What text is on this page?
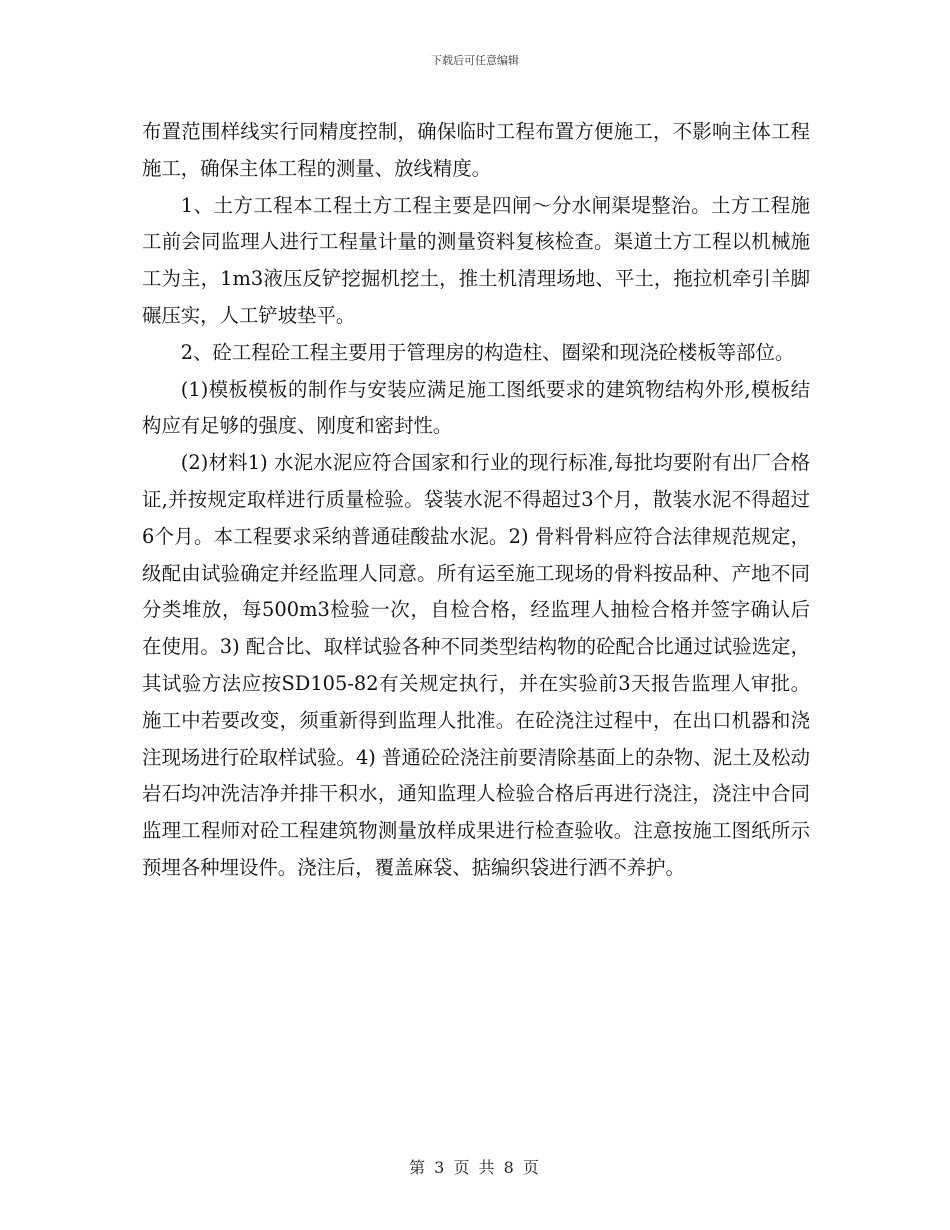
下载后可任意编辑

布置范围样线实行同精度控制，确保临时工程布置方便施工，不影响主体工程施工，确保主体工程的测量、放线精度。

1、土方工程本工程土方工程主要是四闸～分水闸渠堤整治。土方工程施工前会同监理人进行工程量计量的测量资料复核检查。渠道土方工程以机械施工为主，1m3液压反铲挖掘机挖土，推土机清理场地、平土，拖拉机牵引羊脚碾压实，人工铲坡垫平。

2、砼工程砼工程主要用于管理房的构造柱、圈梁和现浇砼楼板等部位。

(1)模板模板的制作与安装应满足施工图纸要求的建筑物结构外形,模板结构应有足够的强度、刚度和密封性。

(2)材料1) 水泥水泥应符合国家和行业的现行标准,每批均要附有出厂合格证,并按规定取样进行质量检验。袋装水泥不得超过3个月，散装水泥不得超过6个月。本工程要求采纳普通硅酸盐水泥。2) 骨料骨料应符合法律规范规定，级配由试验确定并经监理人同意。所有运至施工现场的骨料按品种、产地不同分类堆放，每500m3检验一次，自检合格，经监理人抽检合格并签字确认后在使用。3) 配合比、取样试验各种不同类型结构物的砼配合比通过试验选定，其试验方法应按SD105-82有关规定执行，并在实验前3天报告监理人审批。施工中若要改变，须重新得到监理人批准。在砼浇注过程中，在出口机器和浇注现场进行砼取样试验。4) 普通砼砼浇注前要清除基面上的杂物、泥土及松动岩石均冲洗洁净并排干积水，通知监理人检验合格后再进行浇注，浇注中合同监理工程师对砼工程建筑物测量放样成果进行检查验收。注意按施工图纸所示预埋各种埋设件。浇注后，覆盖麻袋、掂编织袋进行洒不养护。

第 3 页 共 8 页
